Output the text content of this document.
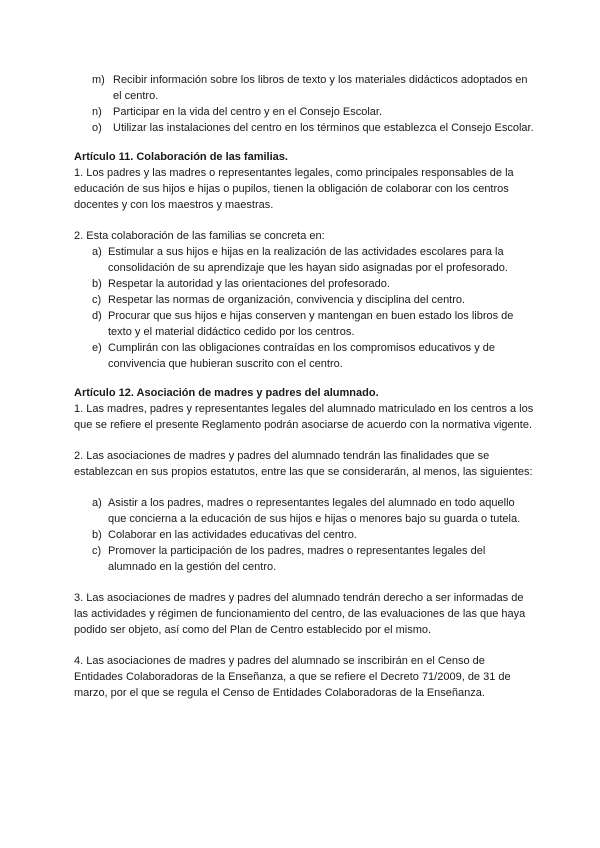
m) Recibir información sobre los libros de texto y los materiales didácticos adoptados en el centro.
n)	Participar en la vida del centro y en el Consejo Escolar.
o)	Utilizar las instalaciones del centro en los términos que establezca el Consejo Escolar.
Artículo 11. Colaboración de las familias.

1. Los padres y las madres o representantes legales, como principales responsables de la educación de sus hijos e hijas o pupilos, tienen la obligación de colaborar con los centros docentes y con los maestros y maestras.

2. Esta colaboración de las familias se concreta en:

a) Estimular a sus hijos e hijas en la realización de las actividades escolares para la consolidación de su aprendizaje que les hayan sido asignadas por el profesorado.
b) Respetar la autoridad y las orientaciones del profesorado.
c) Respetar las normas de organización, convivencia y disciplina del centro.
d) Procurar que sus hijos e hijas conserven y mantengan en buen estado los libros de texto y el material didáctico cedido por los centros.
e) Cumplirán con las obligaciones contraídas en los compromisos educativos y de convivencia que hubieran suscrito con el centro.
Artículo 12. Asociación de madres y padres del alumnado.

1. Las madres, padres y representantes legales del alumnado matriculado en los centros a los que se refiere el presente Reglamento podrán asociarse de acuerdo con la normativa vigente.

2. Las asociaciones de madres y padres del alumnado tendrán las finalidades que se establezcan en sus propios estatutos, entre las que se considerarán, al menos, las siguientes:

a) Asistir a los padres, madres o representantes legales del alumnado en todo aquello que concierna a la educación de sus hijos e hijas o menores bajo su guarda o tutela.
b) Colaborar en las actividades educativas del centro.
c) Promover la participación de los padres, madres o representantes legales del alumnado en la gestión del centro.

3. Las asociaciones de madres y padres del alumnado tendrán derecho a ser informadas de las actividades y régimen de funcionamiento del centro, de las evaluaciones de las que haya podido ser objeto, así como del Plan de Centro establecido por el mismo.

4. Las asociaciones de madres y padres del alumnado se inscribirán en el Censo de Entidades Colaboradoras de la Enseñanza, a que se refiere el Decreto 71/2009, de 31 de marzo, por el que se regula el Censo de Entidades Colaboradoras de la Enseñanza.
